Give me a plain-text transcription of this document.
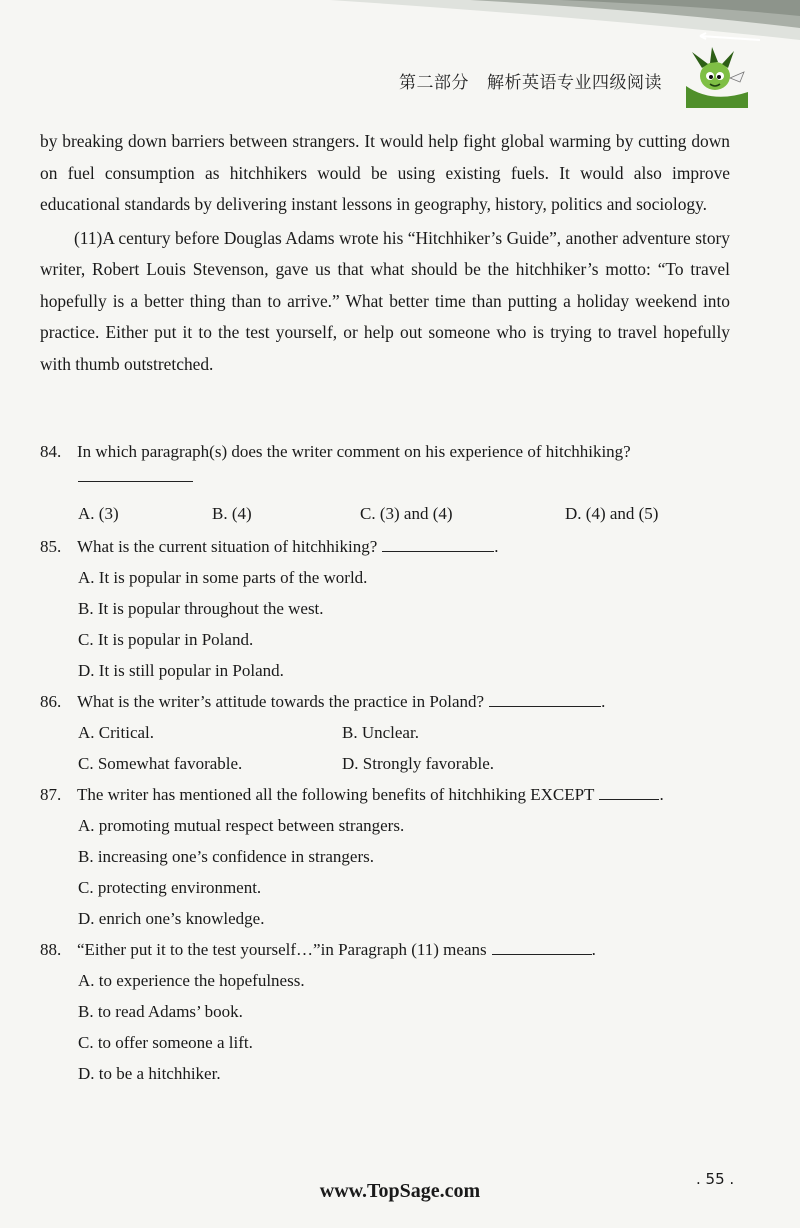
第二部分 解析英语专业四级阅读

by breaking down barriers between strangers. It would help fight global warming by cutting down on fuel consumption as hitchhikers would be using existing fuels. It would also improve educational standards by delivering instant lessons in geography, history, politics and sociology.

(11)A century before Douglas Adams wrote his “Hitchhiker’s Guide”, another adventure story writer, Robert Louis Stevenson, gave us that what should be the hitchhiker’s motto: “To travel hopefully is a better thing than to arrive.” What better time than putting a holiday weekend into practice. Either put it to the test yourself, or help out someone who is trying to travel hopefully with thumb outstretched.

84. In which paragraph(s) does the writer comment on his experience of hitchhiking?
A. (3)	B. (4)	C. (3) and (4)	D. (4) and (5)
85. What is the current situation of hitchhiking?	.
A. It is popular in some parts of the world.
B. It is popular throughout the west.
C. It is popular in Poland.
D. It is still popular in Poland.
86. What is the writer’s attitude towards the practice in Poland?	.
A. Critical.	B. Unclear.
C. Somewhat favorable.	D. Strongly favorable.
87. The writer has mentioned all the following benefits of hitchhiking EXCEPT	.
A. promoting mutual respect between strangers.
B. increasing one’s confidence in strangers.
C. protecting environment.
D. enrich one’s knowledge.
88. “Either put it to the test yourself…”in Paragraph (11) means	.
A. to experience the hopefulness.
B. to read Adams’ book.
C. to offer someone a lift.
D. to be a hitchhiker.
. 55 .
www.TopSage.com
